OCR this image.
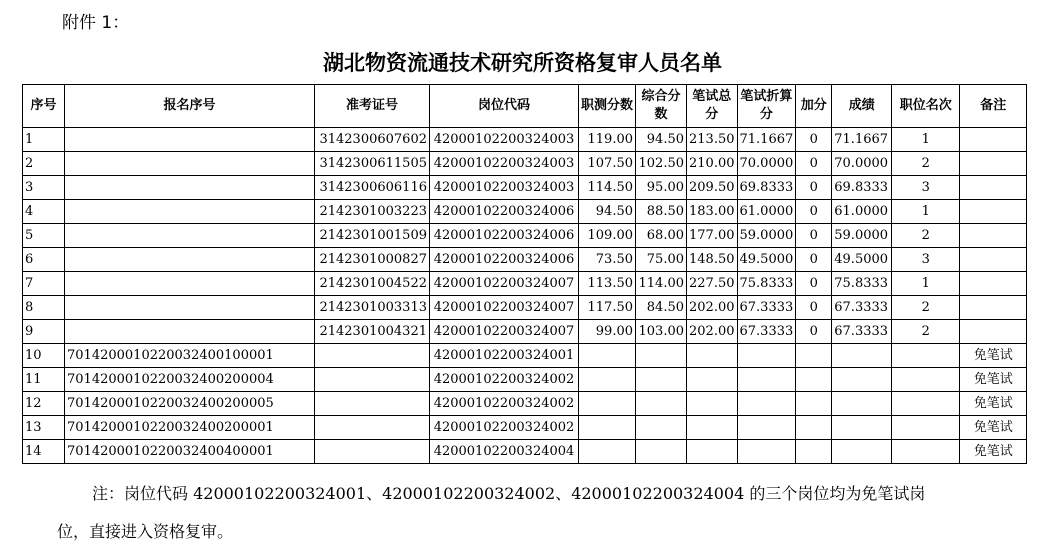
附件 1：
湖北物资流通技术研究所资格复审人员名单
序号	报名序号	准考证号	岗位代码	职测分数	综合分数	笔试总分	笔试折算分	加分	成绩	职位名次	备注
1		3142300607602	42000102200324003	119.00	94.50	213.50	71.1667	0	71.1667	1	
2		3142300611505	42000102200324003	107.50	102.50	210.00	70.0000	0	70.0000	2	
3		3142300606116	42000102200324003	114.50	95.00	209.50	69.8333	0	69.8333	3	
4		2142301003223	42000102200324006	94.50	88.50	183.00	61.0000	0	61.0000	1	
5		2142301001509	42000102200324006	109.00	68.00	177.00	59.0000	0	59.0000	2	
6		2142301000827	42000102200324006	73.50	75.00	148.50	49.5000	0	49.5000	3	
7		2142301004522	42000102200324007	113.50	114.00	227.50	75.8333	0	75.8333	1	
8		2142301003313	42000102200324007	117.50	84.50	202.00	67.3333	0	67.3333	2	
9		2142301004321	42000102200324007	99.00	103.00	202.00	67.3333	0	67.3333	2	
10	7014200010220032400100001		42000102200324001								免笔试
11	7014200010220032400200004		42000102200324002								免笔试
12	7014200010220032400200005		42000102200324002								免笔试
13	7014200010220032400200001		42000102200324002								免笔试
14	7014200010220032400400001		42000102200324004								免笔试
注：岗位代码 42000102200324001、42000102200324002、42000102200324004 的三个岗位均为免笔试岗
位，直接进入资格复审。
